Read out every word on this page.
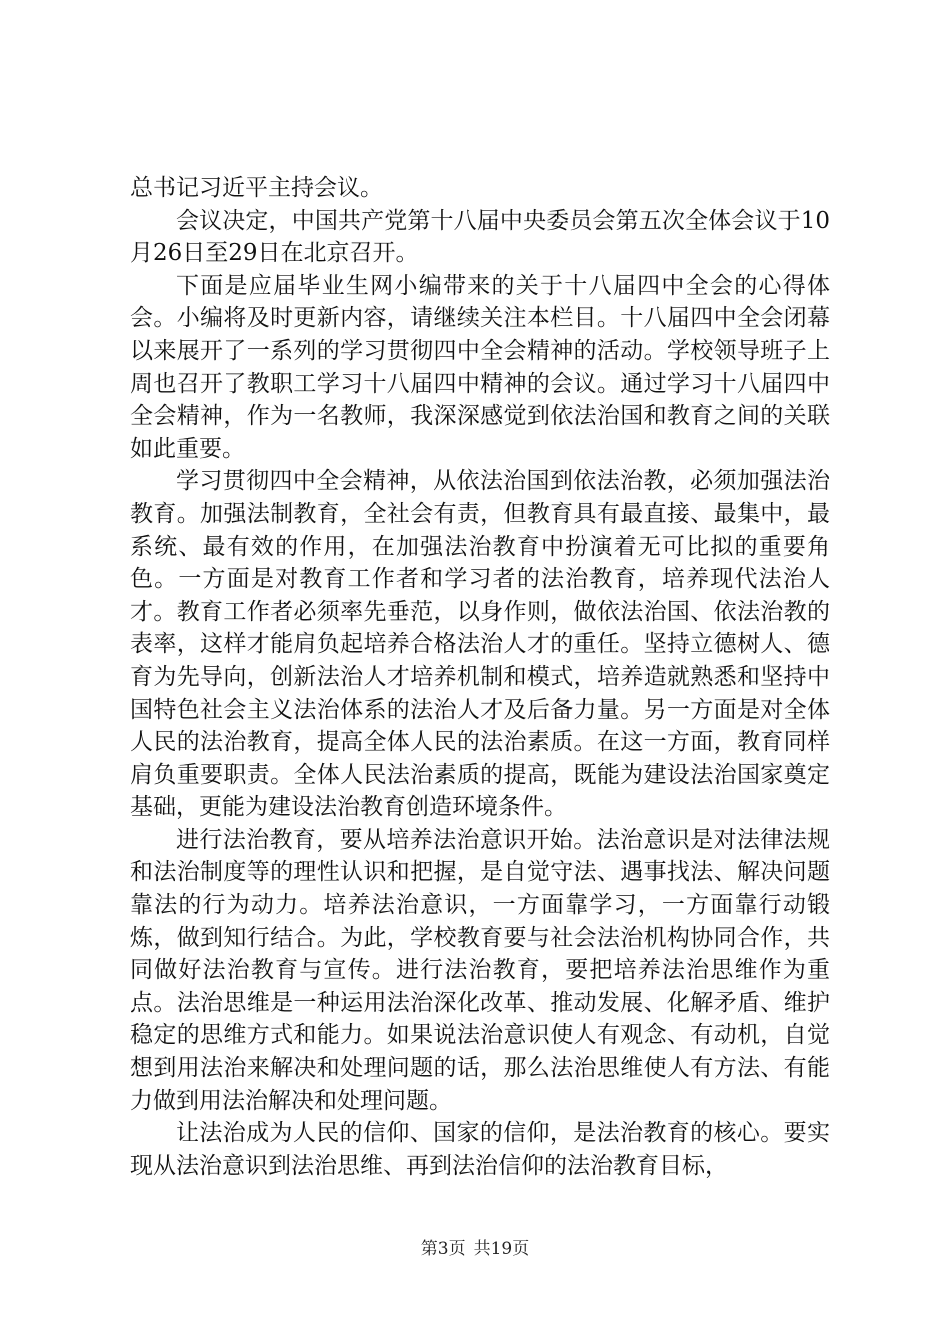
总书记习近平主持会议。

会议决定，中国共产党第十八届中央委员会第五次全体会议于10月26日至29日在北京召开。

下面是应届毕业生网小编带来的关于十八届四中全会的心得体会。小编将及时更新内容，请继续关注本栏目。十八届四中全会闭幕以来展开了一系列的学习贯彻四中全会精神的活动。学校领导班子上周也召开了教职工学习十八届四中精神的会议。通过学习十八届四中全会精神，作为一名教师，我深深感觉到依法治国和教育之间的关联如此重要。

学习贯彻四中全会精神，从依法治国到依法治教，必须加强法治教育。加强法制教育，全社会有责，但教育具有最直接、最集中，最系统、最有效的作用，在加强法治教育中扮演着无可比拟的重要角色。一方面是对教育工作者和学习者的法治教育，培养现代法治人才。教育工作者必须率先垂范，以身作则，做依法治国、依法治教的表率，这样才能肩负起培养合格法治人才的重任。坚持立德树人、德育为先导向，创新法治人才培养机制和模式，培养造就熟悉和坚持中国特色社会主义法治体系的法治人才及后备力量。另一方面是对全体人民的法治教育，提高全体人民的法治素质。在这一方面，教育同样肩负重要职责。全体人民法治素质的提高，既能为建设法治国家奠定基础，更能为建设法治教育创造环境条件。

进行法治教育，要从培养法治意识开始。法治意识是对法律法规和法治制度等的理性认识和把握，是自觉守法、遇事找法、解决问题靠法的行为动力。培养法治意识，一方面靠学习，一方面靠行动锻炼，做到知行结合。为此，学校教育要与社会法治机构协同合作，共同做好法治教育与宣传。进行法治教育，要把培养法治思维作为重点。法治思维是一种运用法治深化改革、推动发展、化解矛盾、维护稳定的思维方式和能力。如果说法治意识使人有观念、有动机，自觉想到用法治来解决和处理问题的话，那么法治思维使人有方法、有能力做到用法治解决和处理问题。

让法治成为人民的信仰、国家的信仰，是法治教育的核心。要实现从法治意识到法治思维、再到法治信仰的法治教育目标，

第3页 共19页
